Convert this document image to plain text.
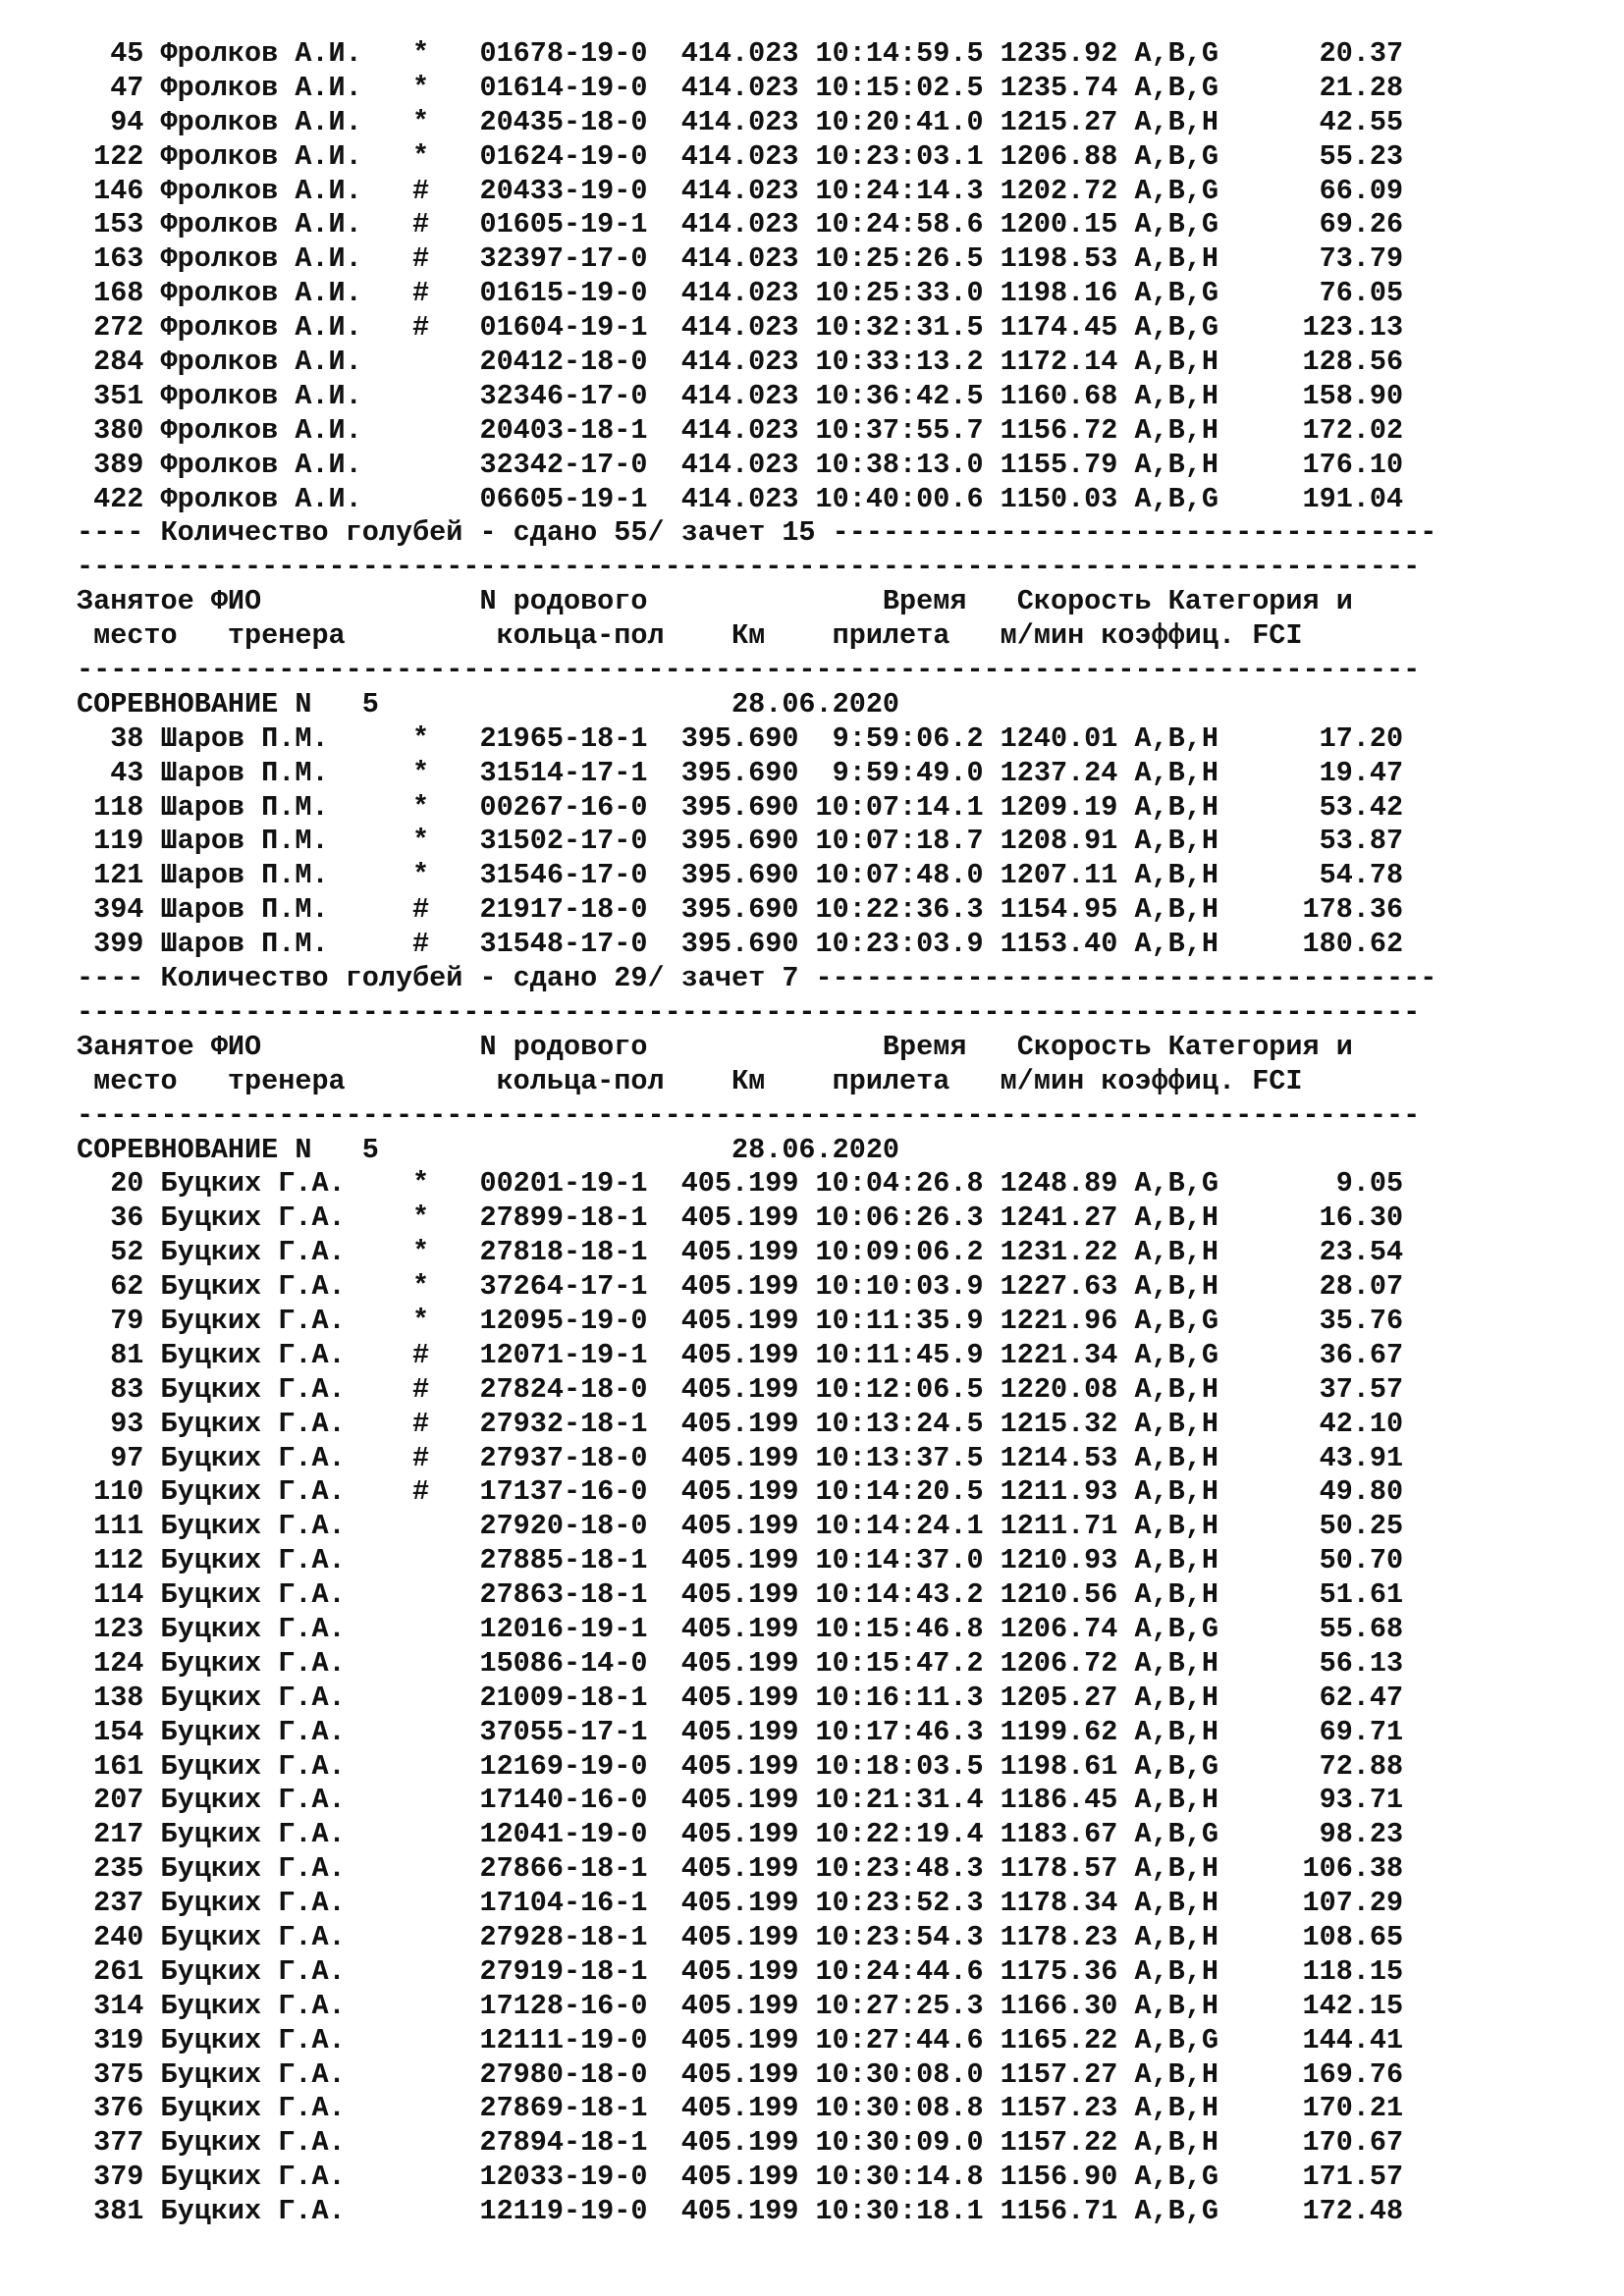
45 Фролков А.И.   *   01678-19-0  414.023 10:14:59.5 1235.92 A,B,G      20.37
47 Фролков А.И.   *   01614-19-0  414.023 10:15:02.5 1235.74 A,B,G      21.28
94 Фролков А.И.   *   20435-18-0  414.023 10:20:41.0 1215.27 A,B,H      42.55
122 Фролков А.И.   *   01624-19-0  414.023 10:23:03.1 1206.88 A,B,G      55.23
146 Фролков А.И.   #   20433-19-0  414.023 10:24:14.3 1202.72 A,B,G      66.09
153 Фролков А.И.   #   01605-19-1  414.023 10:24:58.6 1200.15 A,B,G      69.26
163 Фролков А.И.   #   32397-17-0  414.023 10:25:26.5 1198.53 A,B,H      73.79
168 Фролков А.И.   #   01615-19-0  414.023 10:25:33.0 1198.16 A,B,G      76.05
272 Фролков А.И.   #   01604-19-1  414.023 10:32:31.5 1174.45 A,B,G     123.13
284 Фролков А.И.       20412-18-0  414.023 10:33:13.2 1172.14 A,B,H     128.56
351 Фролков А.И.       32346-17-0  414.023 10:36:42.5 1160.68 A,B,H     158.90
380 Фролков А.И.       20403-18-1  414.023 10:37:55.7 1156.72 A,B,H     172.02
389 Фролков А.И.       32342-17-0  414.023 10:38:13.0 1155.79 A,B,H     176.10
422 Фролков А.И.       06605-19-1  414.023 10:40:00.6 1150.03 A,B,G     191.04
---- Количество голубей - сдано 55/ зачет 15 ------------------------------------
--------------------------------------------------------------------------------
Занятое ФИО             N родового              Время   Скорость Категория и
место   тренера         кольца-пол    Км    прилета   м/мин коэффиц. FCI
--------------------------------------------------------------------------------
СОРЕВНОВАНИЕ N   5                     28.06.2020
38 Шаров П.М.     *   21965-18-1  395.690  9:59:06.2 1240.01 A,B,H      17.20
43 Шаров П.М.     *   31514-17-1  395.690  9:59:49.0 1237.24 A,B,H      19.47
118 Шаров П.М.     *   00267-16-0  395.690 10:07:14.1 1209.19 A,B,H      53.42
119 Шаров П.М.     *   31502-17-0  395.690 10:07:18.7 1208.91 A,B,H      53.87
121 Шаров П.М.     *   31546-17-0  395.690 10:07:48.0 1207.11 A,B,H      54.78
394 Шаров П.М.     #   21917-18-0  395.690 10:22:36.3 1154.95 A,B,H     178.36
399 Шаров П.М.     #   31548-17-0  395.690 10:23:03.9 1153.40 A,B,H     180.62
---- Количество голубей - сдано 29/ зачет 7 -------------------------------------
--------------------------------------------------------------------------------
Занятое ФИО             N родового              Время   Скорость Категория и
место   тренера         кольца-пол    Км    прилета   м/мин коэффиц. FCI
--------------------------------------------------------------------------------
СОРЕВНОВАНИЕ N   5                     28.06.2020
20 Буцких Г.А.    *   00201-19-1  405.199 10:04:26.8 1248.89 A,B,G       9.05
36 Буцких Г.А.    *   27899-18-1  405.199 10:06:26.3 1241.27 A,B,H      16.30
52 Буцких Г.А.    *   27818-18-1  405.199 10:09:06.2 1231.22 A,B,H      23.54
62 Буцких Г.А.    *   37264-17-1  405.199 10:10:03.9 1227.63 A,B,H      28.07
79 Буцких Г.А.    *   12095-19-0  405.199 10:11:35.9 1221.96 A,B,G      35.76
81 Буцких Г.А.    #   12071-19-1  405.199 10:11:45.9 1221.34 A,B,G      36.67
83 Буцких Г.А.    #   27824-18-0  405.199 10:12:06.5 1220.08 A,B,H      37.57
93 Буцких Г.А.    #   27932-18-1  405.199 10:13:24.5 1215.32 A,B,H      42.10
97 Буцких Г.А.    #   27937-18-0  405.199 10:13:37.5 1214.53 A,B,H      43.91
110 Буцких Г.А.    #   17137-16-0  405.199 10:14:20.5 1211.93 A,B,H      49.80
111 Буцких Г.А.        27920-18-0  405.199 10:14:24.1 1211.71 A,B,H      50.25
112 Буцких Г.А.        27885-18-1  405.199 10:14:37.0 1210.93 A,B,H      50.70
114 Буцких Г.А.        27863-18-1  405.199 10:14:43.2 1210.56 A,B,H      51.61
123 Буцких Г.А.        12016-19-1  405.199 10:15:46.8 1206.74 A,B,G      55.68
124 Буцких Г.А.        15086-14-0  405.199 10:15:47.2 1206.72 A,B,H      56.13
138 Буцких Г.А.        21009-18-1  405.199 10:16:11.3 1205.27 A,B,H      62.47
154 Буцких Г.А.        37055-17-1  405.199 10:17:46.3 1199.62 A,B,H      69.71
161 Буцких Г.А.        12169-19-0  405.199 10:18:03.5 1198.61 A,B,G      72.88
207 Буцких Г.А.        17140-16-0  405.199 10:21:31.4 1186.45 A,B,H      93.71
217 Буцких Г.А.        12041-19-0  405.199 10:22:19.4 1183.67 A,B,G      98.23
235 Буцких Г.А.        27866-18-1  405.199 10:23:48.3 1178.57 A,B,H     106.38
237 Буцких Г.А.        17104-16-1  405.199 10:23:52.3 1178.34 A,B,H     107.29
240 Буцких Г.А.        27928-18-1  405.199 10:23:54.3 1178.23 A,B,H     108.65
261 Буцких Г.А.        27919-18-1  405.199 10:24:44.6 1175.36 A,B,H     118.15
314 Буцких Г.А.        17128-16-0  405.199 10:27:25.3 1166.30 A,B,H     142.15
319 Буцких Г.А.        12111-19-0  405.199 10:27:44.6 1165.22 A,B,G     144.41
375 Буцких Г.А.        27980-18-0  405.199 10:30:08.0 1157.27 A,B,H     169.76
376 Буцких Г.А.        27869-18-1  405.199 10:30:08.8 1157.23 A,B,H     170.21
377 Буцких Г.А.        27894-18-1  405.199 10:30:09.0 1157.22 A,B,H     170.67
379 Буцких Г.А.        12033-19-0  405.199 10:30:14.8 1156.90 A,B,G     171.57
381 Буцких Г.А.        12119-19-0  405.199 10:30:18.1 1156.71 A,B,G     172.48
